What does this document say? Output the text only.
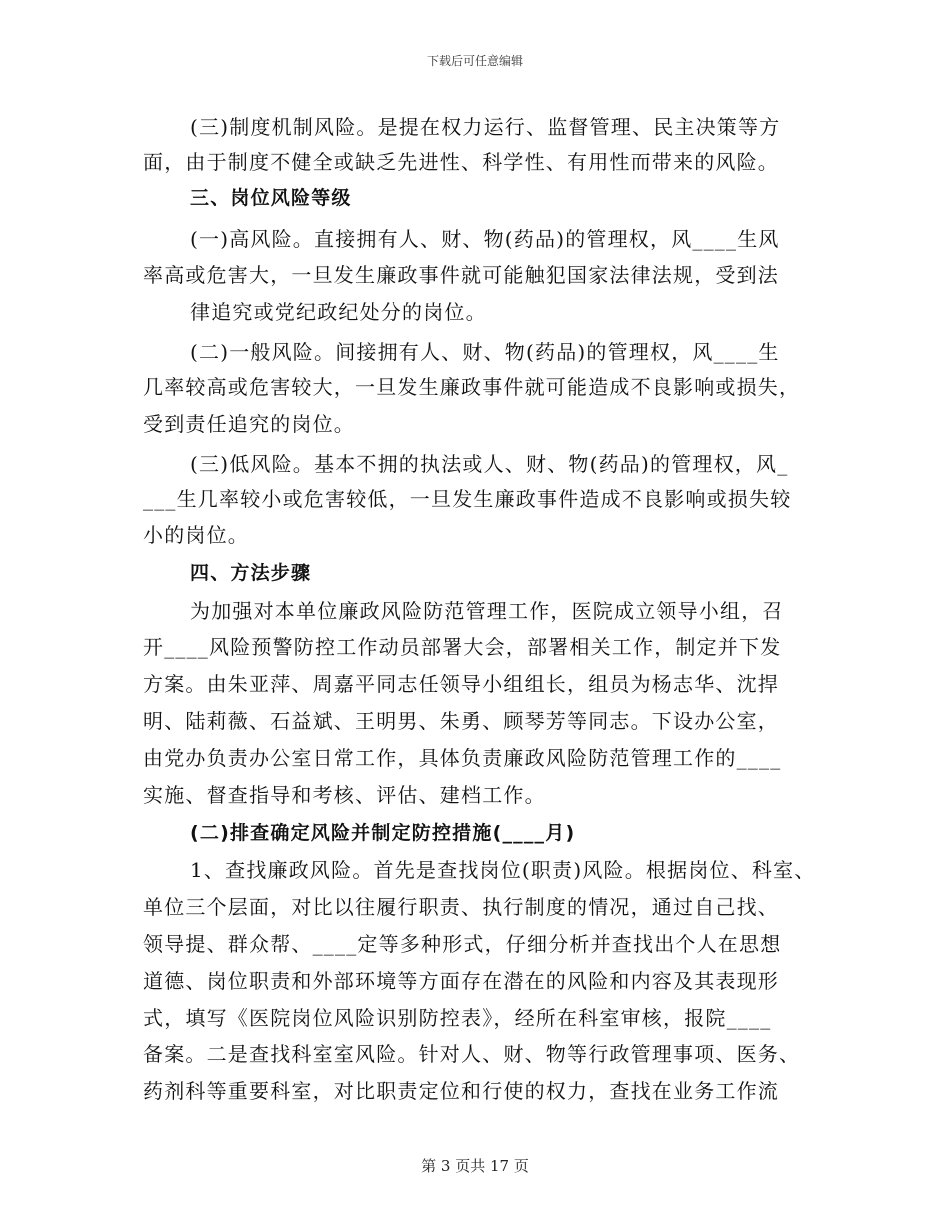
下载后可任意编辑
(三)制度机制风险。是提在权力运行、监督管理、民主决策等方
面，由于制度不健全或缺乏先进性、科学性、有用性而带来的风险。
三、岗位风险等级
(一)高风险。直接拥有人、财、物(药品)的管理权，风____生风
率高或危害大，一旦发生廉政事件就可能触犯国家法律法规，受到法
律追究或党纪政纪处分的岗位。
(二)一般风险。间接拥有人、财、物(药品)的管理权，风____生
几率较高或危害较大，一旦发生廉政事件就可能造成不良影响或损失，
受到责任追究的岗位。
(三)低风险。基本不拥的执法或人、财、物(药品)的管理权，风_
___生几率较小或危害较低，一旦发生廉政事件造成不良影响或损失较
小的岗位。
四、方法步骤
为加强对本单位廉政风险防范管理工作，医院成立领导小组，召
开____风险预警防控工作动员部署大会，部署相关工作，制定并下发
方案。由朱亚萍、周嘉平同志任领导小组组长，组员为杨志华、沈捍
明、陆莉薇、石益斌、王明男、朱勇、顾琴芳等同志。下设办公室，
由党办负责办公室日常工作，具体负责廉政风险防范管理工作的____
实施、督查指导和考核、评估、建档工作。
(二)排查确定风险并制定防控措施(____月)
1、查找廉政风险。首先是查找岗位(职责)风险。根据岗位、科室、
单位三个层面，对比以往履行职责、执行制度的情况，通过自己找、
领导提、群众帮、____定等多种形式，仔细分析并查找出个人在思想
道德、岗位职责和外部环境等方面存在潜在的风险和内容及其表现形
式，填写《医院岗位风险识别防控表》，经所在科室审核，报院____
备案。二是查找科室室风险。针对人、财、物等行政管理事项、医务、
药剂科等重要科室，对比职责定位和行使的权力，查找在业务工作流
第 3 页共 17 页
